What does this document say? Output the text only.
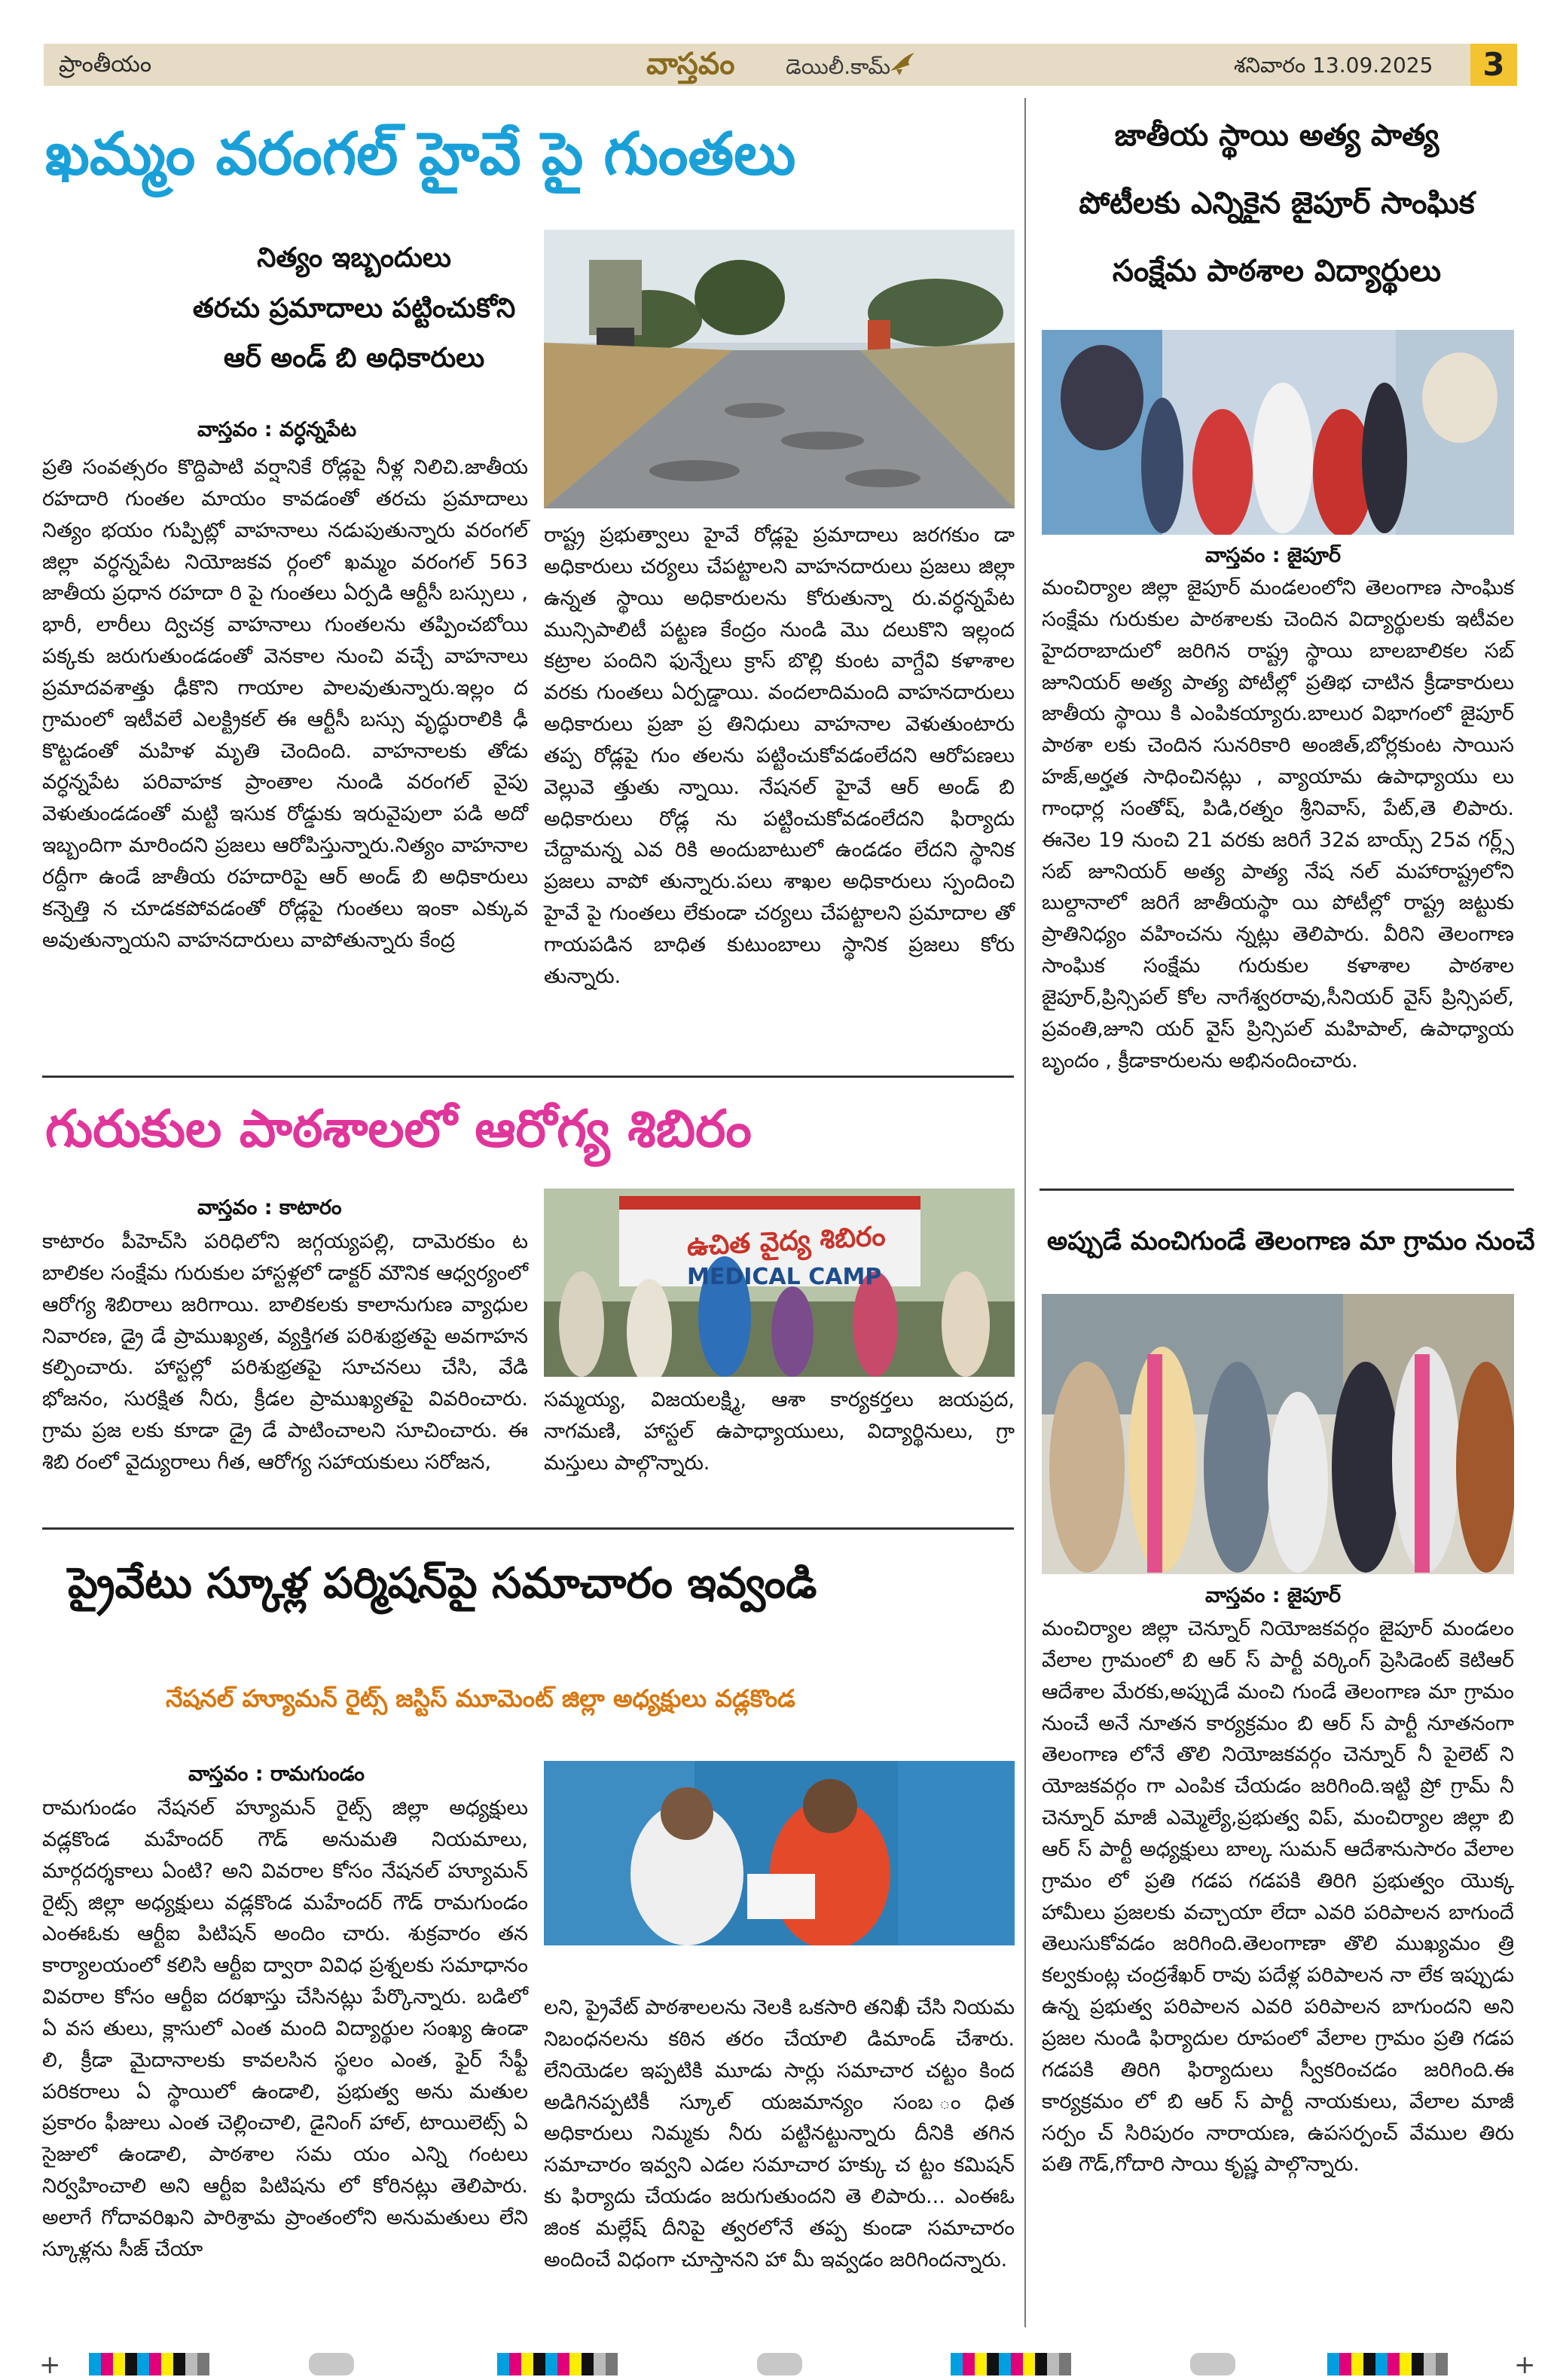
ప్రాంతీయం	వాస్తవం డెయిలీ.కామ్	శనివారం 13.09.2025	3
ఖమ్మం వరంగల్ హైవే పై గుంతలు
నిత్యం ఇబ్బందులు
తరచు ప్రమాదాలు పట్టించుకోని
ఆర్ అండ్ బి అధికారులు
వాస్తవం : వర్ధన్నపేట
ప్రతి సంవత్సరం కొద్దిపాటి వర్షానికే రోడ్లపై నీళ్ల నిలిచి.జాతీయ రహదారి గుంతల మాయం కావడంతో తరచు ప్రమాదాలు నిత్యం భయం గుప్పిట్లో వాహనాలు నడుపుతున్నారు వరంగల్ జిల్లా వర్ధన్నపేట నియోజకవ ర్గంలో ఖమ్మం వరంగల్ 563 జాతీయ ప్రధాన రహదా రి పై గుంతలు ఏర్పడి ఆర్టీసీ బస్సులు , భారీ, లారీలు ద్విచక్ర వాహనాలు గుంతలను తప్పించబోయి పక్కకు జరుగుతుండడంతో వెనకాల నుంచి వచ్చే వాహనాలు ప్రమాదవశాత్తు ఢీకొని గాయాల పాలవుతున్నారు.ఇల్లం ద గ్రామంలో ఇటీవలే ఎలక్ట్రికల్ ఈ ఆర్టీసీ బస్సు వృద్ధురాలికి ఢీ కొట్టడంతో మహిళ మృతి చెందింది. వాహనాలకు తోడు వర్ధన్నపేట పరివాహక ప్రాంతాల నుండి వరంగల్ వైపు వెళుతుండడంతో మట్టి ఇసుక రోడ్డుకు ఇరువైపులా పడి అదో ఇబ్బందిగా మారిందని ప్రజలు ఆరోపిస్తున్నారు.నిత్యం వాహనాల రద్దీగా ఉండే జాతీయ రహదారిపై ఆర్ అండ్ బి అధికారులు కన్నెత్తి న చూడకపోవడంతో రోడ్లపై గుంతలు ఇంకా ఎక్కువ అవుతున్నాయని వాహనదారులు వాపోతున్నారు కేంద్ర
రాష్ట్ర ప్రభుత్వాలు హైవే రోడ్లపై ప్రమాదాలు జరగకుం డా అధికారులు చర్యలు చేపట్టాలని వాహనదారులు ప్రజలు జిల్లా ఉన్నత స్థాయి అధికారులను కోరుతున్నా రు.వర్ధన్నపేట మున్సిపాలిటీ పట్టణ కేంద్రం నుండి మొ దలుకొని ఇల్లంద కట్రాల పందిని ఫున్నేలు క్రాస్ బొల్లి కుంట వాగ్దేవి కళాశాల వరకు గుంతలు ఏర్పడ్డాయి. వందలాదిమంది వాహనదారులు అధికారులు ప్రజా ప్ర తినిధులు వాహనాల వెళుతుంటారు తప్ప రోడ్లపై గుం తలను పట్టించుకోవడంలేదని ఆరోపణలు వెల్లువె త్తుతు న్నాయి. నేషనల్ హైవే ఆర్ అండ్ బి అధికారులు రోడ్ల ను పట్టించుకోవడంలేదని ఫిర్యాదు చేద్దామన్న ఎవ రికి అందుబాటులో ఉండడం లేదని స్థానిక ప్రజలు వాపో తున్నారు.పలు శాఖల అధికారులు స్పందించి హైవే పై గుంతలు లేకుండా చర్యలు చేపట్టాలని ప్రమాదాల తో గాయపడిన బాధిత కుటుంబాలు స్థానిక ప్రజలు కోరు తున్నారు.
గురుకుల పాఠశాలలో ఆరోగ్య శిబిరం
వాస్తవం : కాటారం
కాటారం పీహెచ్‌సి పరిధిలోని జగ్గయ్యపల్లి, దామెరకుం ట బాలికల సంక్షేమ గురుకుల హాస్టళ్లలో డాక్టర్ మౌనిక ఆధ్వర్యంలో ఆరోగ్య శిబిరాలు జరిగాయి. బాలికలకు కాలానుగుణ వ్యాధుల నివారణ, డ్రై డే ప్రాముఖ్యత, వ్యక్తిగత పరిశుభ్రతపై అవగాహన కల్పించారు. హాస్టల్లో పరిశుభ్రతపై సూచనలు చేసి, వేడి భోజనం, సురక్షిత నీరు, క్రీడల ప్రాముఖ్యతపై వివరించారు. గ్రామ ప్రజ లకు కూడా డ్రై డే పాటించాలని సూచించారు. ఈ శిబి రంలో వైద్యురాలు గీత, ఆరోగ్య సహాయకులు సరోజన,
ఉచిత వైద్య శిబిరం
MEDICAL CAMP
సమ్మయ్య, విజయలక్ష్మి, ఆశా కార్యకర్తలు జయప్రద, నాగమణి, హాస్టల్ ఉపాధ్యాయులు, విద్యార్థినులు, గ్రా మస్తులు పాల్గొన్నారు.
ప్రైవేటు స్కూళ్ల పర్మిషన్‌పై సమాచారం ఇవ్వండి
నేషనల్ హ్యూమన్ రైట్స్ జస్టిస్ మూమెంట్ జిల్లా అధ్యక్షులు వడ్లకొండ
వాస్తవం : రామగుండం
రామగుండం నేషనల్ హ్యూమన్ రైట్స్ జిల్లా అధ్యక్షులు వడ్లకొండ మహేందర్ గౌడ్ అనుమతి నియమాలు, మార్గదర్శకాలు ఏంటి? అని వివరాల కోసం నేషనల్ హ్యూమన్ రైట్స్ జిల్లా అధ్యక్షులు వడ్లకొండ మహేందర్ గౌడ్ రామగుండం ఎంఈఓకు ఆర్టీఐ పిటిషన్ అందిం చారు. శుక్రవారం తన కార్యాలయంలో కలిసి ఆర్టీఐ ద్వారా వివిధ ప్రశ్నలకు సమాధానం వివరాల కోసం ఆర్టీఐ దరఖాస్తు చేసినట్లు పేర్కొన్నారు. బడిలో ఏ వస తులు, క్లాసులో ఎంత మంది విద్యార్థుల సంఖ్య ఉండా లి, క్రీడా మైదానాలకు కావలసిన స్థలం ఎంత, ఫైర్ సేఫ్టీ పరికరాలు ఏ స్థాయిలో ఉండాలి, ప్రభుత్వ అను మతుల ప్రకారం ఫీజులు ఎంత చెల్లించాలి, డైనింగ్ హాల్, టాయిలెట్స్ ఏ సైజులో ఉండాలి, పాఠశాల సమ యం ఎన్ని గంటలు నిర్వహించాలి అని ఆర్టీఐ పిటిషను లో కోరినట్లు తెలిపారు. అలాగే గోదావరిఖని పారిశ్రామ ప్రాంతంలోని అనుమతులు లేని స్కూళ్లను సీజ్ చేయా
లని, ప్రైవేట్ పాఠశాలలను నెలకి ఒకసారి తనిఖీ చేసి నియమ నిబంధనలను కఠిన తరం చేయాలి డిమాండ్ చేశారు. లేనియెడల ఇప్పటికి మూడు సార్లు సమాచార చట్టం కింద అడిగినప్పటికీ స్కూల్ యజమాన్యం సంబ ంధిత అధికారులు నిమ్మకు నీరు పట్టినట్టున్నారు దీనికి తగిన సమాచారం ఇవ్వని ఎడల సమాచార హక్కు చ ట్టం కమిషన్ కు ఫిర్యాదు చేయడం జరుగుతుందని తె లిపారు... ఎంఈఓ జింక మల్లేష్ దీనిపై త్వరలోనే తప్ప కుండా సమాచారం అందించే విధంగా చూస్తానని హా మీ ఇవ్వడం జరిగిందన్నారు.
జాతీయ స్థాయి అత్య పాత్య
పోటీలకు ఎన్నికైన జైపూర్ సాంఘిక
సంక్షేమ పాఠశాల విద్యార్థులు
వాస్తవం : జైపూర్
మంచిర్యాల జిల్లా జైపూర్ మండలంలోని తెలంగాణ సాంఘిక సంక్షేమ గురుకుల పాఠశాలకు చెందిన విద్యార్థులకు ఇటీవల హైదరాబాదులో జరిగిన రాష్ట్ర స్థాయి బాలబాలికల సబ్ జూనియర్ అత్య పాత్య పోటీల్లో ప్రతిభ చాటిన క్రీడాకారులు జాతీయ స్థాయి కి ఎంపికయ్యారు.బాలుర విభాగంలో జైపూర్ పాఠశా లకు చెందిన సునరికారి అంజిత్,బోర్లకుంట సాయిస హజ్,అర్హత సాధించినట్లు , వ్యాయామ ఉపాధ్యాయు లు గాంధార్ల సంతోష్, పిడి,రత్నం శ్రీనివాస్, పేట్,తె లిపారు. ఈనెల 19 నుంచి 21 వరకు జరిగే 32వ బాయ్స్ 25వ గర్ల్స్ సబ్ జూనియర్ అత్య పాత్య నేష నల్ మహారాష్ట్రలోని బుల్దానాలో జరిగే జాతీయస్థా యి పోటీల్లో రాష్ట్ర జట్టుకు ప్రాతినిధ్యం వహించను న్నట్లు తెలిపారు. వీరిని తెలంగాణ సాంఘిక సంక్షేమ గురుకుల కళాశాల పాఠశాల జైపూర్,ప్రిన్సిపల్ కోల నాగేశ్వరరావు,సీనియర్ వైస్ ప్రిన్సిపల్, ప్రవంతి,జూని యర్ వైస్ ప్రిన్సిపల్ మహిపాల్, ఉపాధ్యాయ బృందం , క్రీడాకారులను అభినందించారు.
అప్పుడే మంచిగుండే తెలంగాణ మా గ్రామం నుంచే
వాస్తవం : జైపూర్
మంచిర్యాల జిల్లా చెన్నూర్ నియోజకవర్గం జైపూర్ మండలం వేలాల గ్రామంలో బి ఆర్ స్ పార్టీ వర్కింగ్ ప్రెసిడెంట్ కెటిఆర్ ఆదేశాల మేరకు,అప్పుడే మంచి గుండే తెలంగాణ మా గ్రామం నుంచే అనే నూతన కార్యక్రమం బి ఆర్ స్ పార్టీ నూతనంగా తెలంగాణ లోనే తొలి నియోజకవర్గం చెన్నూర్ నీ పైలెట్ ని యోజకవర్గం గా ఎంపిక చేయడం జరిగింది.ఇట్టి ప్రో గ్రామ్ నీ చెన్నూర్ మాజీ ఎమ్మెల్యే,ప్రభుత్వ విప్, మంచిర్యాల జిల్లా బి ఆర్ స్ పార్టీ అధ్యక్షులు బాల్క సుమన్ ఆదేశానుసారం వేలాల గ్రామం లో ప్రతి గడప గడపకి తిరిగి ప్రభుత్వం యొక్క హామీలు ప్రజలకు వచ్చాయా లేదా ఎవరి పరిపాలన బాగుందే తెలుసుకోవడం జరిగింది.తెలంగాణా తొలి ముఖ్యమం త్రి కల్వకుంట్ల చంద్రశేఖర్ రావు పదేళ్ల పరిపాలన నా లేక ఇప్పుడు ఉన్న ప్రభుత్వ పరిపాలన ఎవరి పరిపాలన బాగుందని అని ప్రజల నుండి ఫిర్యాదుల రూపంలో వేలాల గ్రామం ప్రతి గడప గడపకి తిరిగి ఫిర్యాదులు స్వీకరించడం జరిగింది.ఈ కార్యక్రమం లో బి ఆర్ స్ పార్టీ నాయకులు, వేలాల మాజీ సర్పం చ్ సిరిపురం నారాయణ, ఉపసర్పంచ్ వేముల తిరు పతి గౌడ్,గోదారి సాయి కృష్ణ పాల్గొన్నారు.
+	+
